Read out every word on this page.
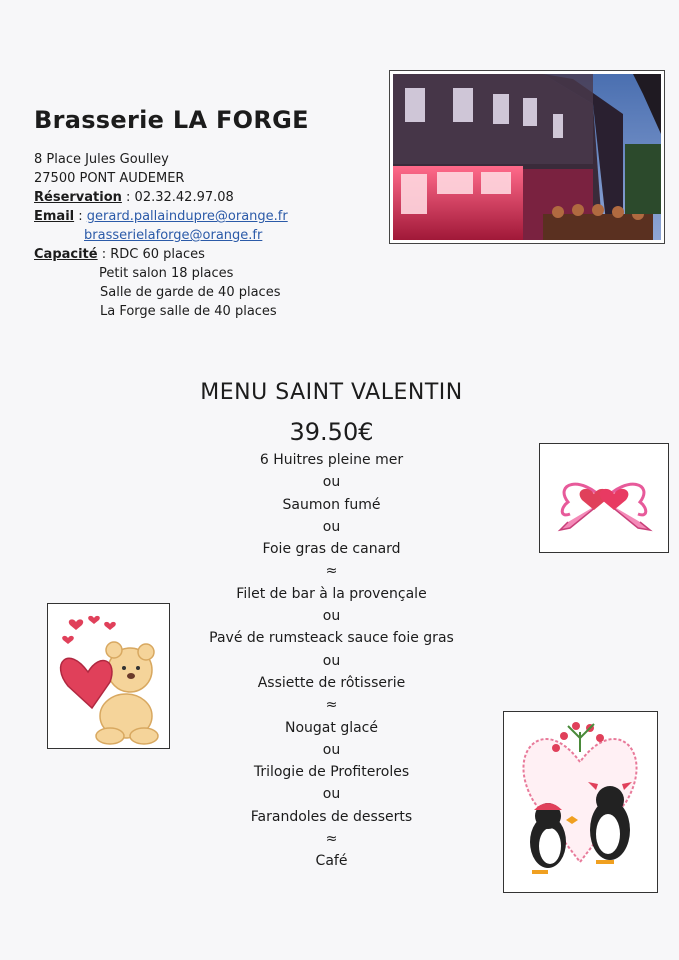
Brasserie LA FORGE
8 Place Jules Goulley
27500 PONT AUDEMER
Réservation : 02.32.42.97.08
Email : gerard.pallaindupre@orange.fr
brasserielaforge@orange.fr
Capacité : RDC 60 places
Petit salon 18 places
Salle de garde de 40 places
La Forge salle de 40 places
MENU SAINT VALENTIN
39.50€
6 Huitres pleine mer
ou
Saumon fumé
ou
Foie gras de canard
≈
Filet de bar à la provençale
ou
Pavé de rumsteack sauce foie gras
ou
Assiette de rôtisserie
≈
Nougat glacé
ou
Trilogie de Profiteroles
ou
Farandoles de desserts
≈
Café
